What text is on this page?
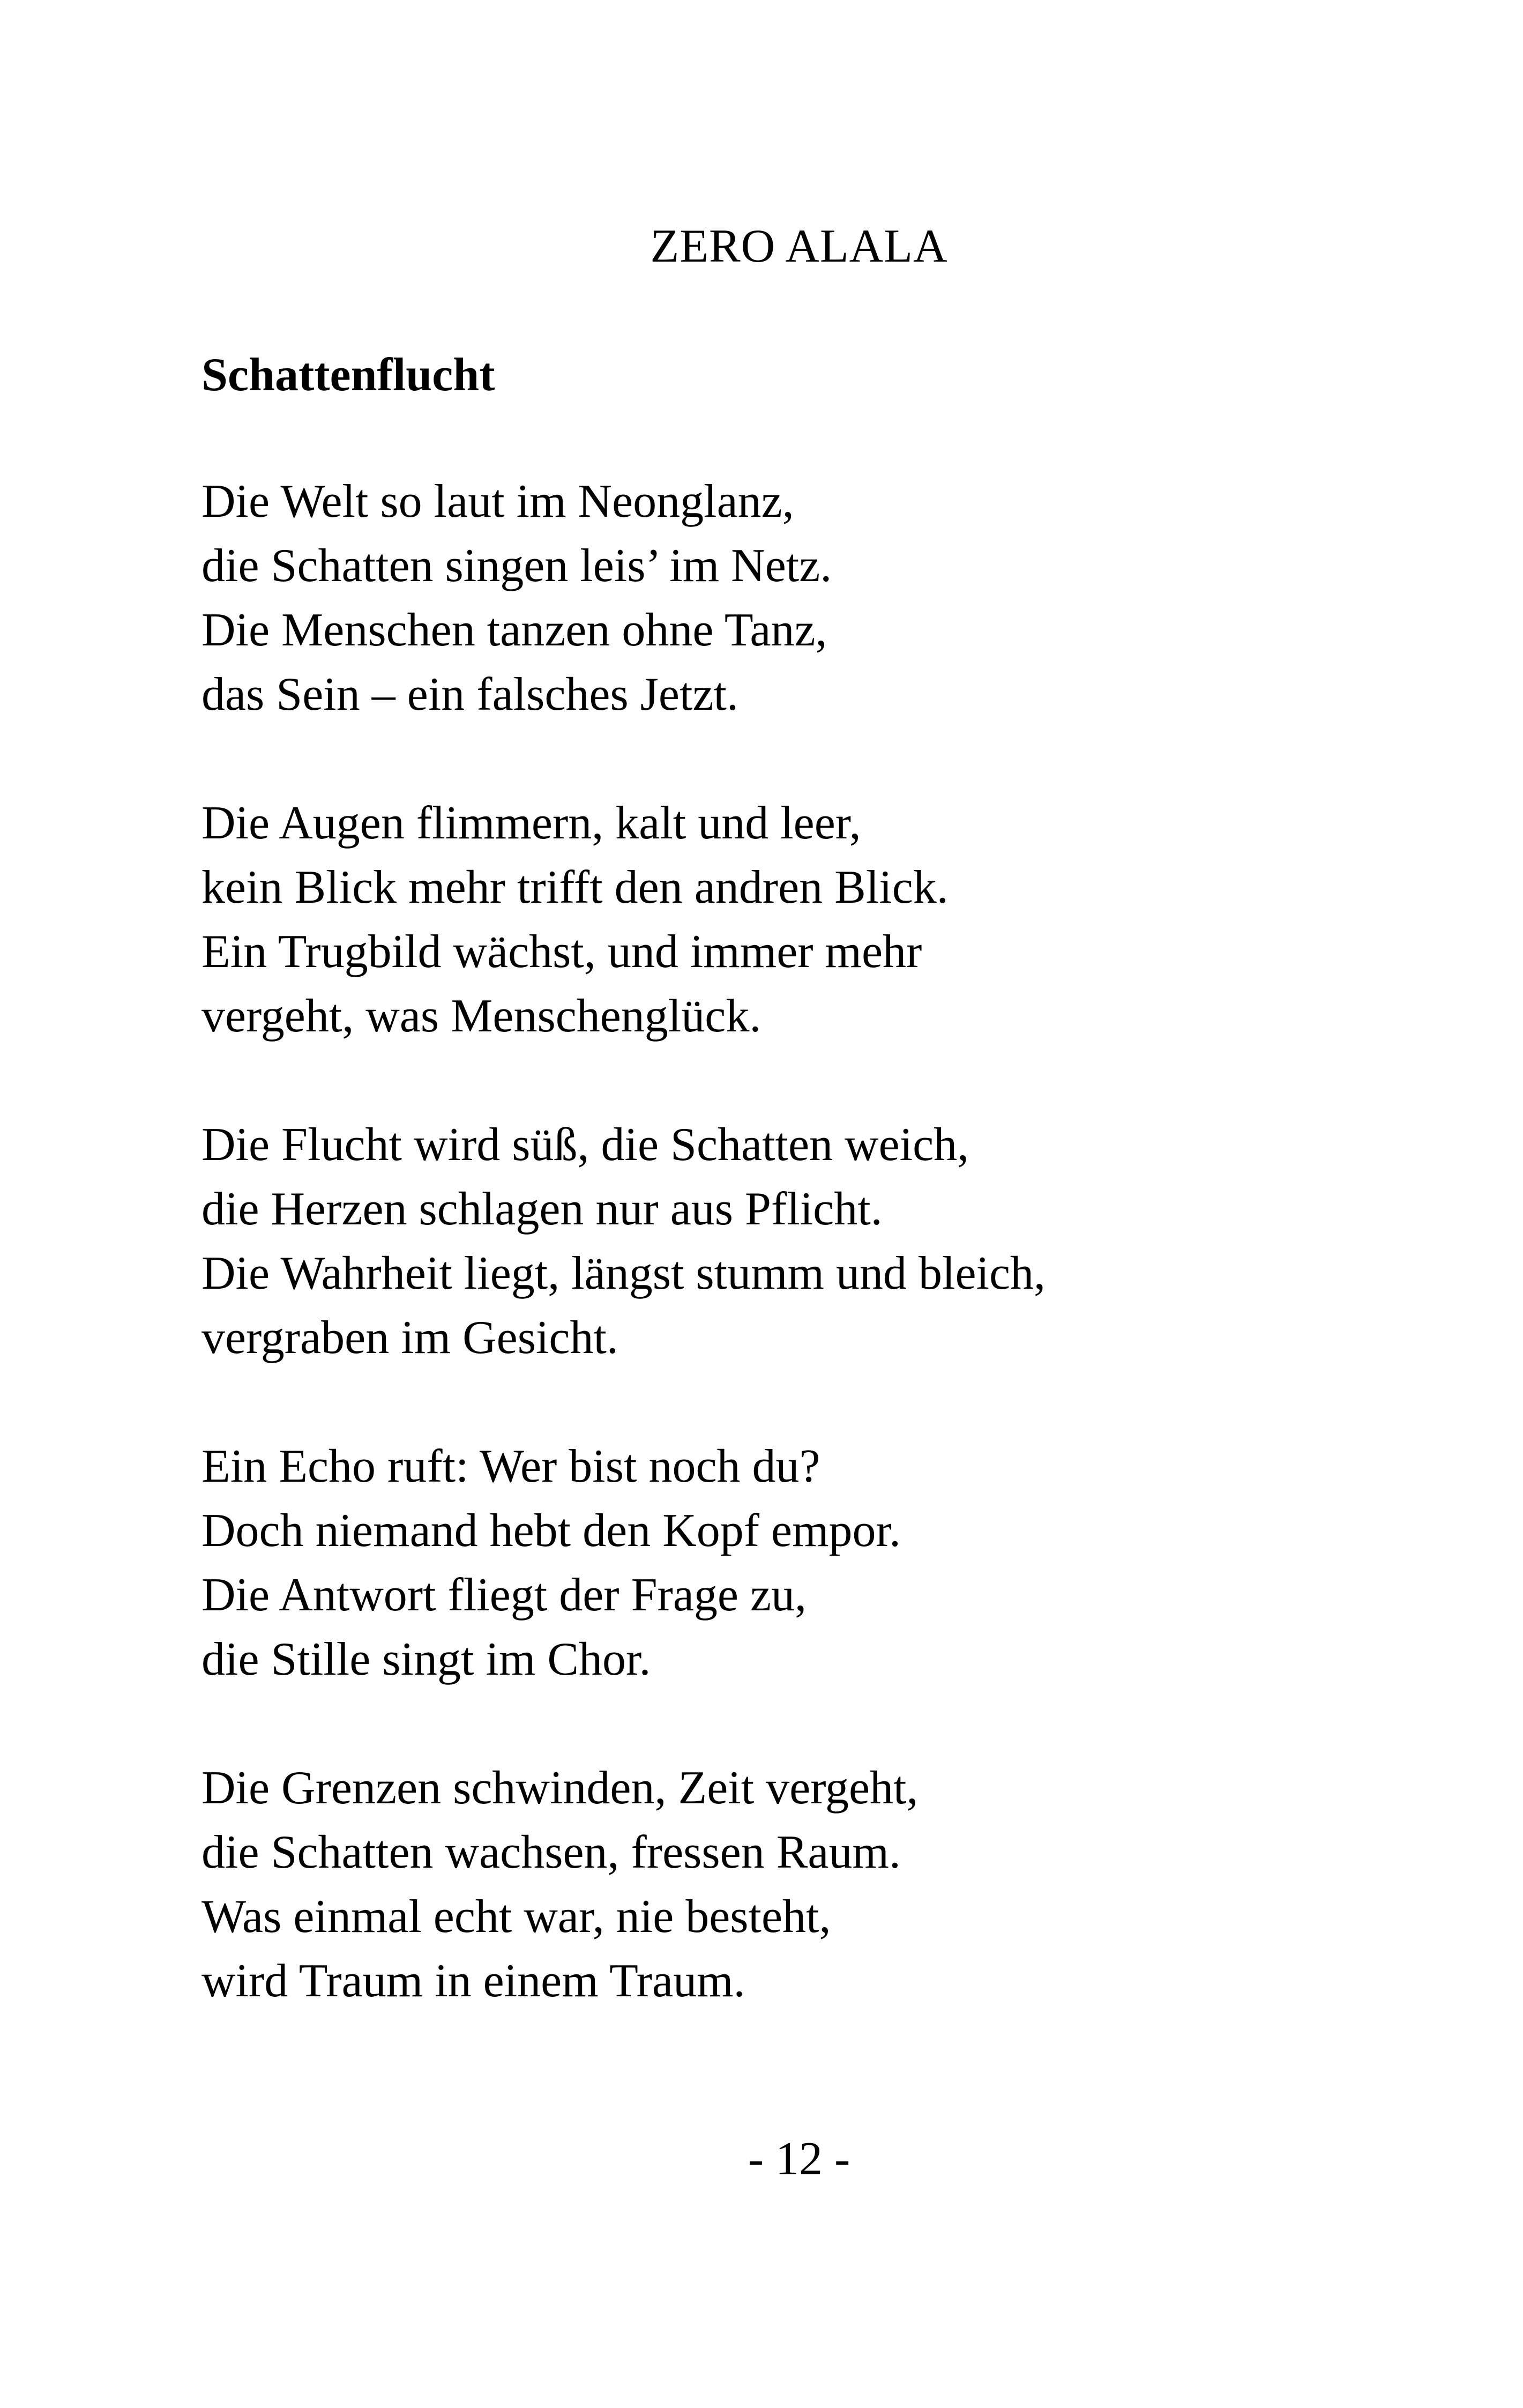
ZERO ALALA
Schattenflucht
Die Welt so laut im Neonglanz,
die Schatten singen leis’ im Netz.
Die Menschen tanzen ohne Tanz,
das Sein – ein falsches Jetzt.
Die Augen flimmern, kalt und leer,
kein Blick mehr trifft den andren Blick.
Ein Trugbild wächst, und immer mehr
vergeht, was Menschenglück.
Die Flucht wird süß, die Schatten weich,
die Herzen schlagen nur aus Pflicht.
Die Wahrheit liegt, längst stumm und bleich,
vergraben im Gesicht.
Ein Echo ruft: Wer bist noch du?
Doch niemand hebt den Kopf empor.
Die Antwort fliegt der Frage zu,
die Stille singt im Chor.
Die Grenzen schwinden, Zeit vergeht,
die Schatten wachsen, fressen Raum.
Was einmal echt war, nie besteht,
wird Traum in einem Traum.
- 12 -
